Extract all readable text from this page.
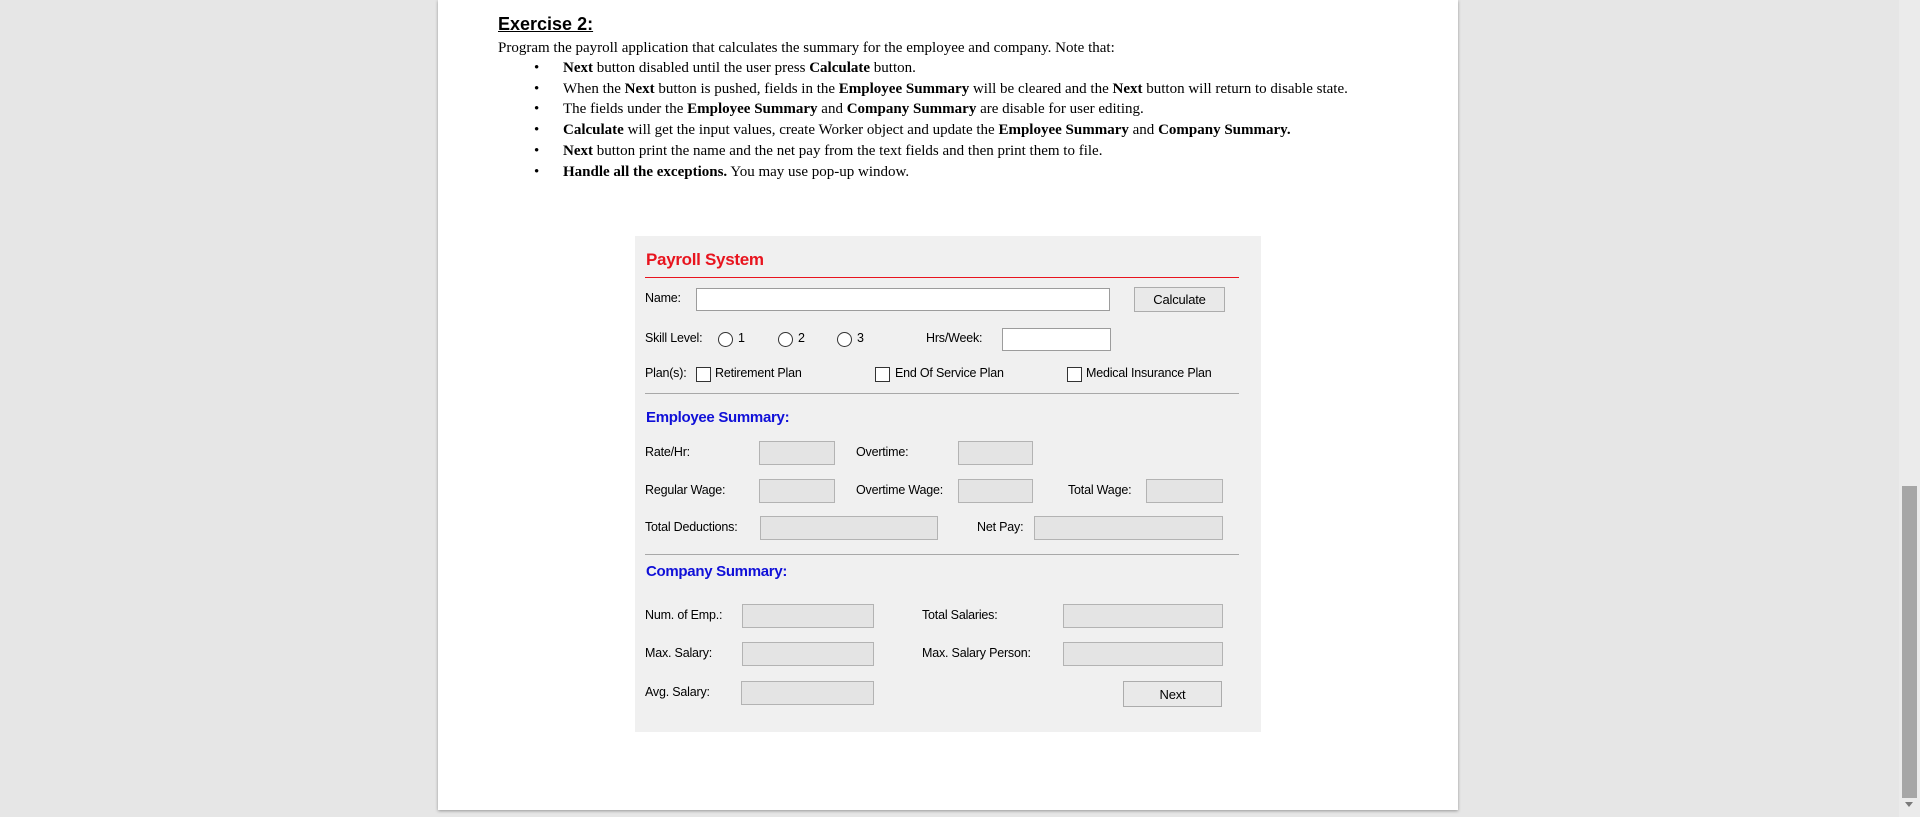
Exercise 2:

Program the payroll application that calculates the summary for the employee and company. Note that:

• Next button disabled until the user press Calculate button.
• When the Next button is pushed, fields in the Employee Summary will be cleared and the Next button will return to disable state.
• The fields under the Employee Summary and Company Summary are disable for user editing.
• Calculate will get the input values, create Worker object and update the Employee Summary and Company Summary.
• Next button print the name and the net pay from the text fields and then print them to file.
• Handle all the exceptions. You may use pop-up window.
Payroll System
Name:	Calculate
Skill Level:	1	2	3	Hrs/Week:
Plan(s): Retirement Plan	End Of Service Plan	Medical Insurance Plan
Employee Summary:
Rate/Hr:	Overtime:
Regular Wage:	Overtime Wage:	Total Wage:
Total Deductions:	Net Pay:
Company Summary:
Num. of Emp.:	Total Salaries:
Max. Salary:	Max. Salary Person:
Avg. Salary:	Next
